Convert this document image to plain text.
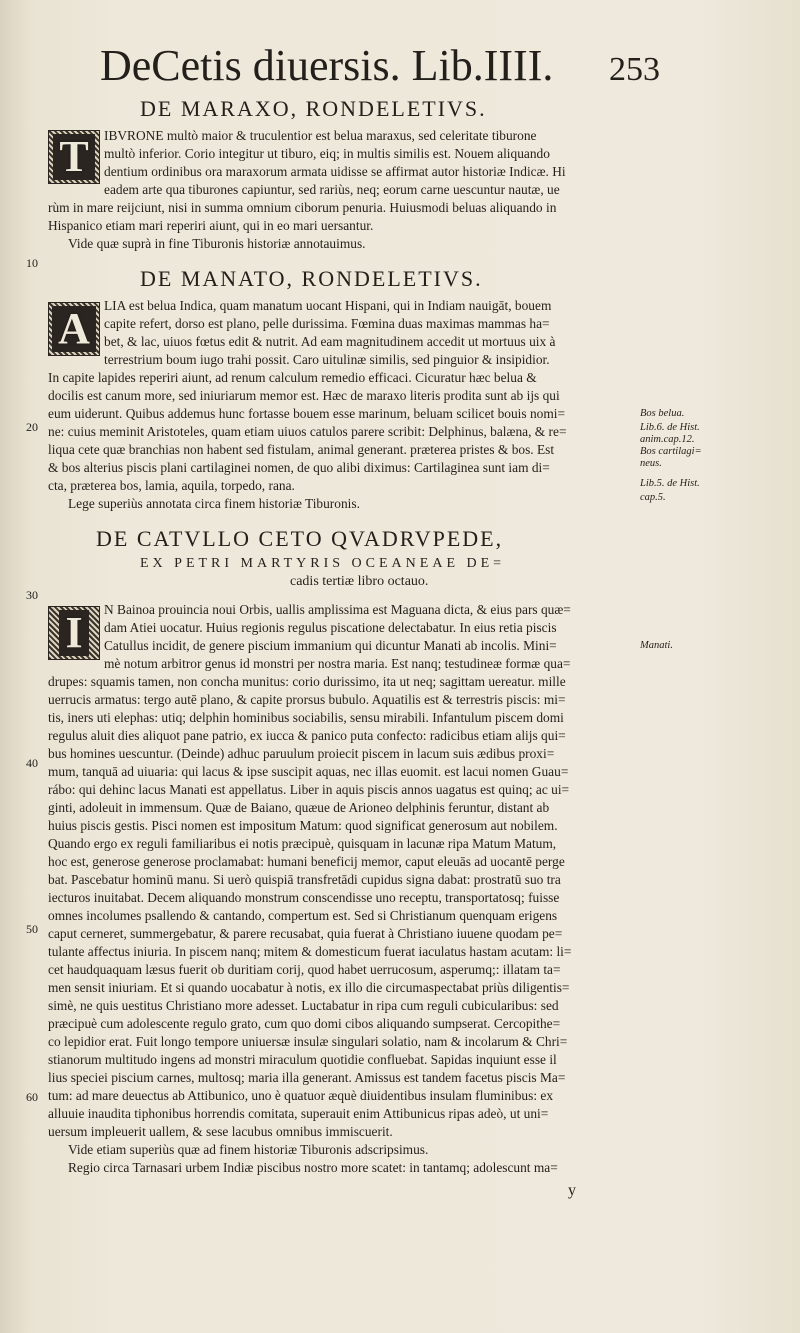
DeCetis diuersis. Lib.IIII. 253
DE MARAXO, RONDELETIVS.
T	IBVRONE multò maior & truculentior est belua maraxus, sed celeritate tiburone
multò inferior. Corio integitur ut tiburo, eiq; in multis similis est. Nouem aliquando
dentium ordinibus ora maraxorum armata uidisse se affirmat autor historiæ Indicæ. Hi
eadem arte qua tiburones capiuntur, sed rariùs, neq; eorum carne uescuntur nautæ, ue
rùm in mare reijciunt, nisi in summa omnium ciborum penuria. Huiusmodi beluas aliquando in
Hispanico etiam mari reperiri aiunt, qui in eo mari uersantur.
Vide quæ suprà in fine Tiburonis historiæ annotauimus.
10
DE MANATO, RONDELETIVS.
A	LIA est belua Indica, quam manatum uocant Hispani, qui in Indiam nauigāt, bouem
capite refert, dorso est plano, pelle durissima. Fœmina duas maximas mammas ha=
bet, & lac, uiuos fœtus edit & nutrit. Ad eam magnitudinem accedit ut mortuus uix à
terrestrium boum iugo trahi possit. Caro uitulinæ similis, sed pinguior & insipidior.
In capite lapides reperiri aiunt, ad renum calculum remedio efficaci. Cicuratur hæc belua &
docilis est canum more, sed iniuriarum memor est. Hæc de maraxo literis prodita sunt ab ijs qui
eum uiderunt. Quibus addemus hunc fortasse bouem esse marinum, beluam scilicet bouis nomi=
20 ne: cuius meminit Aristoteles, quam etiam uiuos catulos parere scribit: Delphinus, balæna, & re=
liqua cete quæ branchias non habent sed fistulam, animal generant. præterea pristes & bos. Est
& bos alterius piscis plani cartilaginei nomen, de quo alibi diximus: Cartilaginea sunt iam di=
cta, præterea bos, lamia, aquila, torpedo, rana.
Lege superiùs annotata circa finem historiæ Tiburonis.
Bos belua.
Lib.6. de Hist.
anim.cap.12.
Bos cartilagi=
neus.
Lib.5. de Hist.
cap.5.
DE CATVLLO CETO QVADRVPEDE,
EX PETRI MARTYRIS OCEANEAE DE=
cadis tertiæ libro octauo.
30
I	N Bainoa prouincia noui Orbis, uallis amplissima est Maguana dicta, & eius pars quæ=
dam Atiei uocatur. Huius regionis regulus piscatione delectabatur. In eius retia piscis
Catullus incidit, de genere piscium immanium qui dicuntur Manati ab incolis. Mini=
mè notum arbitror genus id monstri per nostra maria. Est nanq; testudineæ formæ qua=
drupes: squamis tamen, non concha munitus: corio durissimo, ita ut neq; sagittam uereatur. mille
uerrucis armatus: tergo autē plano, & capite prorsus bubulo. Aquatilis est & terrestris piscis: mi=
tis, iners uti elephas: utiq; delphin hominibus sociabilis, sensu mirabili. Infantulum piscem domi
regulus aluit dies aliquot pane patrio, ex iucca & panico puta confecto: radicibus etiam alijs qui=
bus homines uescuntur. (Deinde) adhuc paruulum proiecit piscem in lacum suis ædibus proxi=
40
mum, tanquā ad uiuaria: qui lacus & ipse suscipit aquas, nec illas euomit. est lacui nomen Guau=
rábo: qui dehinc lacus Manati est appellatus. Liber in aquis piscis annos uagatus est quinq; ac ui=
ginti, adoleuit in immensum. Quæ de Baiano, quæue de Arioneo delphinis feruntur, distant ab
huius piscis gestis. Pisci nomen est impositum Matum: quod significat generosum aut nobilem.
Quando ergo ex reguli familiaribus ei notis præcipuè, quisquam in lacunæ ripa Matum Matum,
hoc est, generose generose proclamabat: humani beneficij memor, caput eleuās ad uocantē perge
bat. Pascebatur hominū manu. Si uerò quispiā transfretādi cupidus signa dabat: prostratū suo tra
iecturos inuitabat. Decem aliquando monstrum conscendisse uno receptu, transportatosq; fuisse
omnes incolumes psallendo & cantando, compertum est. Sed si Christianum quenquam erigens
caput cerneret, summergebatur, & parere recusabat, quia fuerat à Christiano iuuene quodam pe=
50
tulante affectus iniuria. In piscem nanq; mitem & domesticum fuerat iaculatus hastam acutam: li=
cet haudquaquam læsus fuerit ob duritiam corij, quod habet uerrucosum, asperumq;: illatam ta=
men sensit iniuriam. Et si quando uocabatur à notis, ex illo die circumaspectabat priùs diligentis=
simè, ne quis uestitus Christiano more adesset. Luctabatur in ripa cum reguli cubicularibus: sed
præcipuè cum adolescente regulo grato, cum quo domi cibos aliquando sumpserat. Cercopithe=
co lepidior erat. Fuit longo tempore uniuersæ insulæ singulari solatio, nam & incolarum & Chri=
stianorum multitudo ingens ad monstri miraculum quotidie confluebat. Sapidas inquiunt esse il
lius speciei piscium carnes, multosq; maria illa generant. Amissus est tandem facetus piscis Ma=
tum: ad mare deuectus ab Attibunico, uno è quatuor æquè diuidentibus insulam fluminibus: ex
60
alluuie inaudita tiphonibus horrendis comitata, superauit enim Attibunicus ripas adeò, ut uni=
uersum impleuerit uallem, & sese lacubus omnibus immiscuerit.
Vide etiam superiùs quæ ad finem historiæ Tiburonis adscripsimus.
Regio circa Tarnasari urbem Indiæ piscibus nostro more scatet: in tantamq; adolescunt ma=
Manati.
y
